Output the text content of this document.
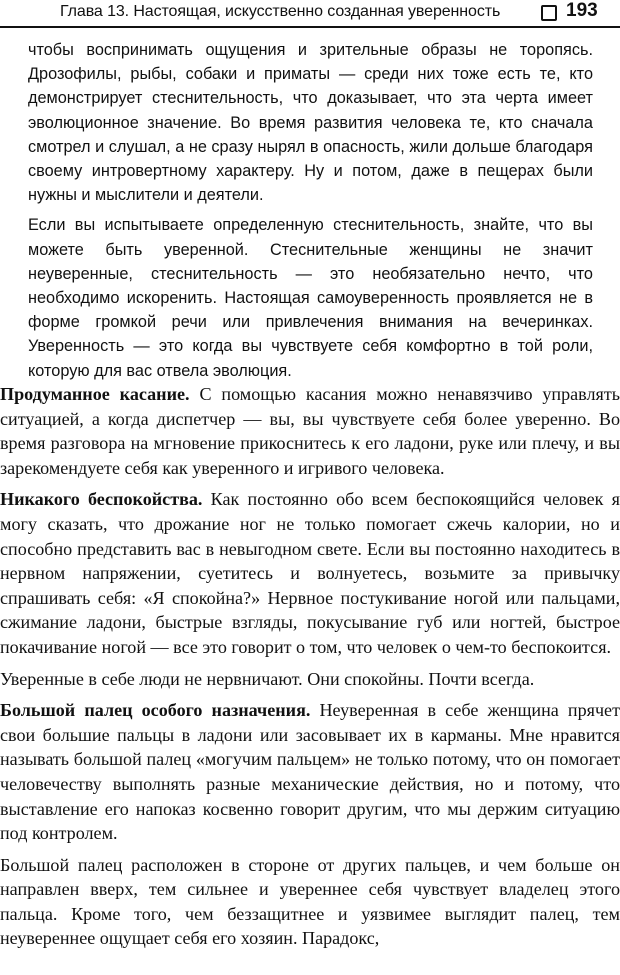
Глава 13. Настоящая, искусственно созданная уверенность	193

чтобы воспринимать ощущения и зрительные образы не торопясь. Дрозофилы, рыбы, собаки и приматы — среди них тоже есть те, кто демонстрирует стеснительность, что доказывает, что эта черта имеет эволюционное значение. Во время развития человека те, кто сначала смотрел и слушал, а не сразу нырял в опасность, жили дольше благодаря своему интровертному характеру. Ну и потом, даже в пещерах были нужны и мыслители и деятели.

Если вы испытываете определенную стеснительность, знайте, что вы можете быть уверенной. Стеснительные женщины не значит неуверенные, стеснительность — это необязательно нечто, что необходимо искоренить. Настоящая самоуверенность проявляется не в форме громкой речи или привлечения внимания на вечеринках. Уверенность — это когда вы чувствуете себя комфортно в той роли, которую для вас отвела эволюция.

Продуманное касание. С помощью касания можно ненавязчиво управлять ситуацией, а когда диспетчер — вы, вы чувствуете себя более уверенно. Во время разговора на мгновение прикоснитесь к его ладони, руке или плечу, и вы зарекомендуете себя как уверенного и игривого человека.

Никакого беспокойства. Как постоянно обо всем беспокоящийся человек я могу сказать, что дрожание ног не только помогает сжечь калории, но и способно представить вас в невыгодном свете. Если вы постоянно находитесь в нервном напряжении, суетитесь и волнуетесь, возьмите за привычку спрашивать себя: «Я спокойна?» Нервное постукивание ногой или пальцами, сжимание ладони, быстрые взгляды, покусывание губ или ногтей, быстрое покачивание ногой — все это говорит о том, что человек о чем-то беспокоится.

Уверенные в себе люди не нервничают. Они спокойны. Почти всегда.

Большой палец особого назначения. Неуверенная в себе женщина прячет свои большие пальцы в ладони или засовывает их в карманы. Мне нравится называть большой палец «могучим пальцем» не только потому, что он помогает человечеству выполнять разные механические действия, но и потому, что выставление его напоказ косвенно говорит другим, что мы держим ситуацию под контролем.

Большой палец расположен в стороне от других пальцев, и чем больше он направлен вверх, тем сильнее и увереннее себя чувствует владелец этого пальца. Кроме того, чем беззащитнее и уязвимее выглядит палец, тем неувереннее ощущает себя его хозяин. Парадокс,
